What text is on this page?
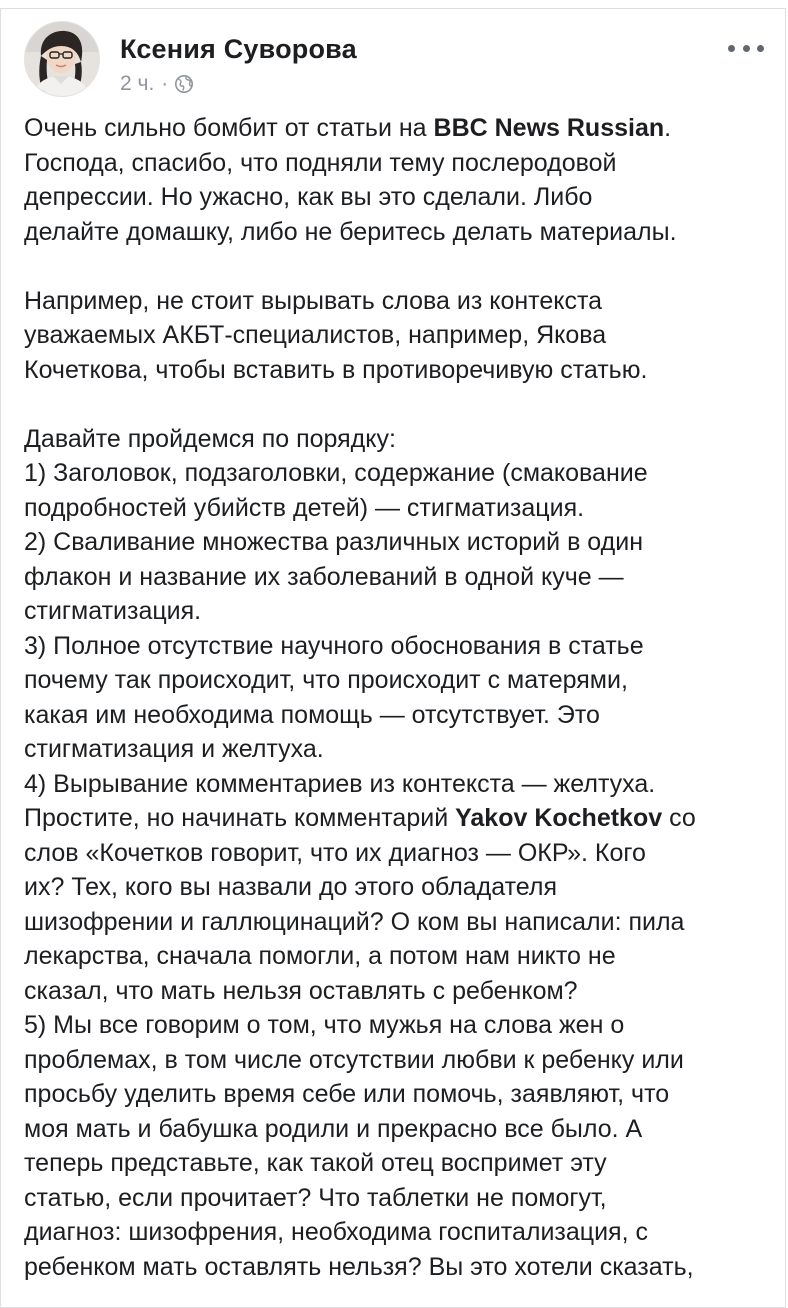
Ксения Суворова
2 ч. ·
Очень сильно бомбит от статьи на BBC News Russian.
Господа, спасибо, что подняли тему послеродовой
депрессии. Но ужасно, как вы это сделали. Либо
делайте домашку, либо не беритесь делать материалы.
Например, не стоит вырывать слова из контекста
уважаемых АКБТ-специалистов, например, Якова
Кочеткова, чтобы вставить в противоречивую статью.
Давайте пройдемся по порядку:
1) Заголовок, подзаголовки, содержание (смакование
подробностей убийств детей) — стигматизация.
2) Сваливание множества различных историй в один
флакон и название их заболеваний в одной куче —
стигматизация.
3) Полное отсутствие научного обоснования в статье
почему так происходит, что происходит с матерями,
какая им необходима помощь — отсутствует. Это
стигматизация и желтуха.
4) Вырывание комментариев из контекста — желтуха.
Простите, но начинать комментарий Yakov Kochetkov со
слов «Кочетков говорит, что их диагноз — ОКР». Кого
их? Тех, кого вы назвали до этого обладателя
шизофрении и галлюцинаций? О ком вы написали: пила
лекарства, сначала помогли, а потом нам никто не
сказал, что мать нельзя оставлять с ребенком?
5) Мы все говорим о том, что мужья на слова жен о
проблемах, в том числе отсутствии любви к ребенку или
просьбу уделить время себе или помочь, заявляют, что
моя мать и бабушка родили и прекрасно все было. А
теперь представьте, как такой отец воспримет эту
статью, если прочитает? Что таблетки не помогут,
диагноз: шизофрения, необходима госпитализация, с
ребенком мать оставлять нельзя? Вы это хотели сказать,
